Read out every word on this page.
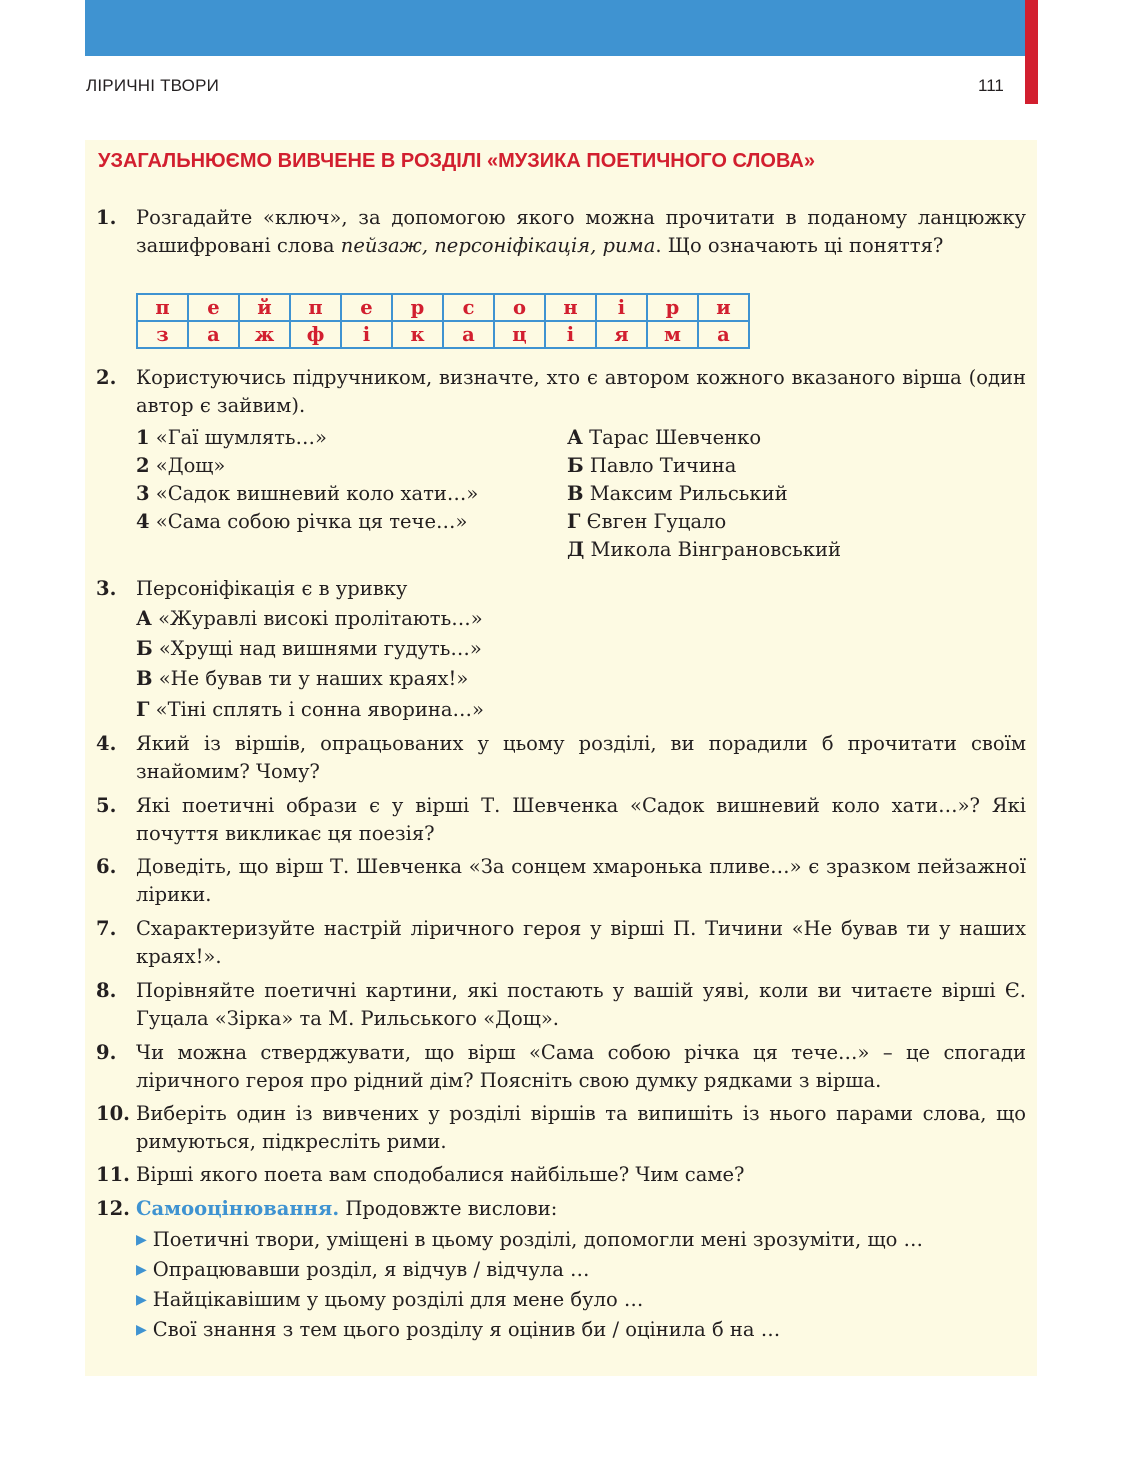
ЛІРИЧНІ ТВОРИ	111
УЗАГАЛЬНЮЄМО ВИВЧЕНЕ В РОЗДІЛІ «МУЗИКА ПОЕТИЧНОГО СЛОВА»
1. Розгадайте «ключ», за допомогою якого можна прочитати в поданому ланцюжку зашифровані слова пейзаж, персоніфікація, рима. Що означають ці поняття?
п	е	й	п	е	р	с	о	н	і	р	и
з	а	ж	ф	і	к	а	ц	і	я	м	а
2. Користуючись підручником, визначте, хто є автором кожного вказаного вірша (один автор є зайвим).
1 «Гаї шумлять…»
2 «Дощ»
3 «Садок вишневий коло хати…»
4 «Сама собою річка ця тече…»
А Тарас Шевченко
Б Павло Тичина
В Максим Рильський
Г Євген Гуцало
Д Микола Вінграновський
3. Персоніфікація є в уривку
А «Журавлі високі пролітають…»
Б «Хрущі над вишнями гудуть…»
В «Не бував ти у наших краях!»
Г «Тіні сплять і сонна яворина…»
4. Який із віршів, опрацьованих у цьому розділі, ви порадили б прочитати своїм знайомим? Чому?
5. Які поетичні образи є у вірші Т. Шевченка «Садок вишневий коло хати…»? Які почуття викликає ця поезія?
6. Доведіть, що вірш Т. Шевченка «За сонцем хмаронька пливе…» є зразком пейзажної лірики.
7. Схарактеризуйте настрій ліричного героя у вірші П. Тичини «Не бував ти у наших краях!».
8. Порівняйте поетичні картини, які постають у вашій уяві, коли ви читаєте вірші Є. Гуцала «Зірка» та М. Рильського «Дощ».
9. Чи можна стверджувати, що вірш «Сама собою річка ця тече…» – це спогади ліричного героя про рідний дім? Поясніть свою думку рядками з вірша.
10. Виберіть один із вивчених у розділі віршів та випишіть із нього парами слова, що римуються, підкресліть рими.
11. Вірші якого поета вам сподобалися найбільше? Чим саме?
12. Самооцінювання. Продовжте вислови:
▶ Поетичні твори, уміщені в цьому розділі, допомогли мені зрозуміти, що …
▶ Опрацювавши розділ, я відчув / відчула …
▶ Найцікавішим у цьому розділі для мене було …
▶ Свої знання з тем цього розділу я оцінив би / оцінила б на …
